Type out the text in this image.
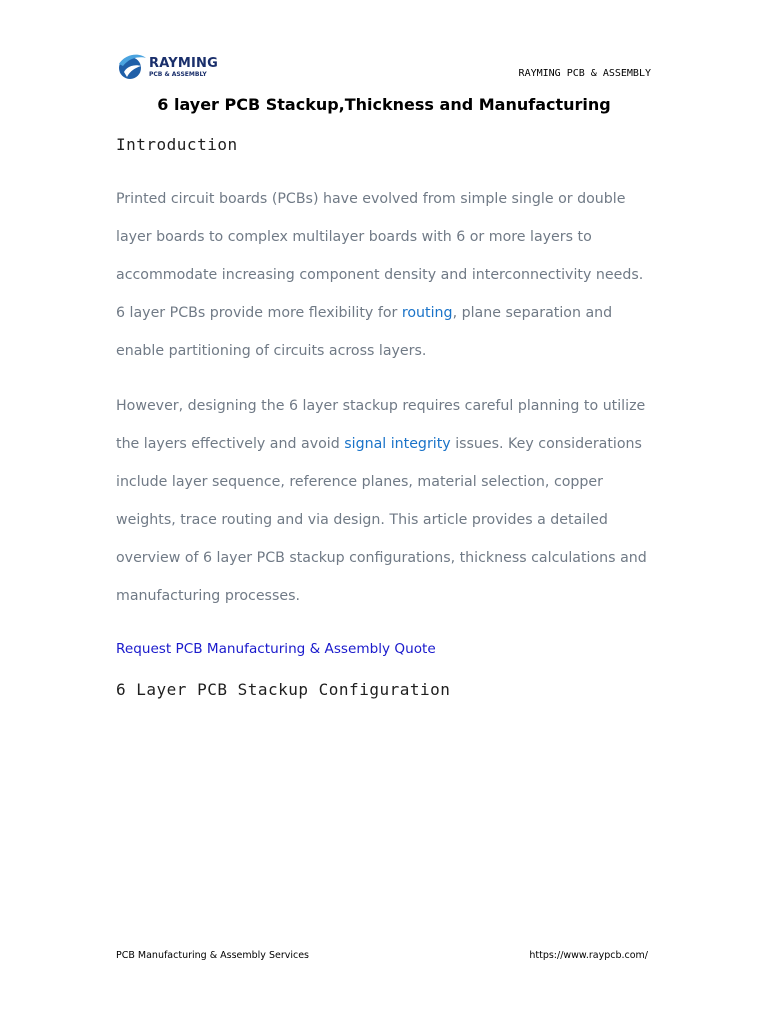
RAYMING
PCB & ASSEMBLY	RAYMING PCB & ASSEMBLY
6 layer PCB Stackup,Thickness and Manufacturing
Introduction
Printed circuit boards (PCBs) have evolved from simple single or double
layer boards to complex multilayer boards with 6 or more layers to
accommodate increasing component density and interconnectivity needs.
6 layer PCBs provide more flexibility for routing, plane separation and
enable partitioning of circuits across layers.
However, designing the 6 layer stackup requires careful planning to utilize
the layers effectively and avoid signal integrity issues. Key considerations
include layer sequence, reference planes, material selection, copper
weights, trace routing and via design. This article provides a detailed
overview of 6 layer PCB stackup configurations, thickness calculations and
manufacturing processes.
Request PCB Manufacturing & Assembly Quote
6 Layer PCB Stackup Configuration
PCB Manufacturing & Assembly Services	https://www.raypcb.com/
